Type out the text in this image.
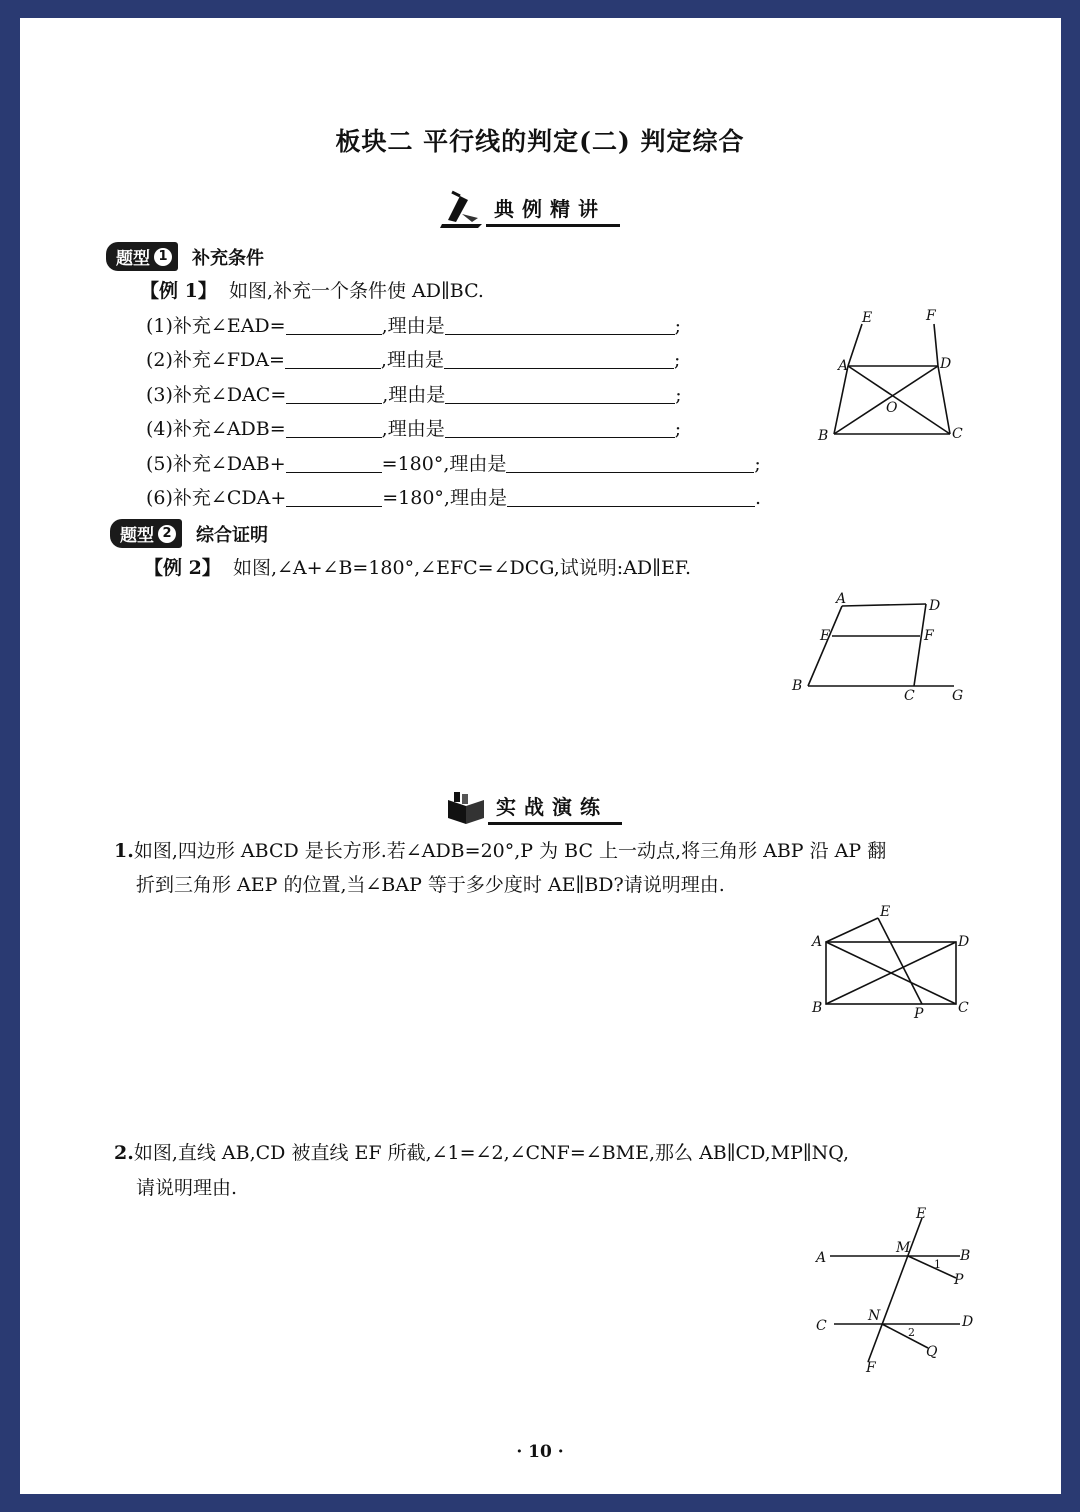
板块二 平行线的判定(二) 判定综合
典例精讲
题型 1 补充条件
【例 1】 如图,补充一个条件使 AD∥BC.
(1)补充∠EAD=	,理由是	;
(2)补充∠FDA=	,理由是	;
(3)补充∠DAC=	,理由是	;
(4)补充∠ADB=	,理由是	;
(5)补充∠DAB+	=180°,理由是	;
(6)补充∠CDA+	=180°,理由是	.
E	F
A	D
O
B	C
题型 2 综合证明
【例 2】 如图,∠A+∠B=180°,∠EFC=∠DCG,试说明:AD∥EF.
A	D
E	F
B
C	G
实战演练
1.如图,四边形 ABCD 是长方形.若∠ADB=20°,P 为 BC 上一动点,将三角形 ABP 沿 AP 翻
折到三角形 AEP 的位置,当∠BAP 等于多少度时 AE∥BD?请说明理由.
E
A	D
B	P C
2.如图,直线 AB,CD 被直线 EF 所截,∠1=∠2,∠CNF=∠BME,那么 AB∥CD,MP∥NQ,
请说明理由.
E
A
M	B
1
P
C
N	D
2
Q
F
· 10 ·
